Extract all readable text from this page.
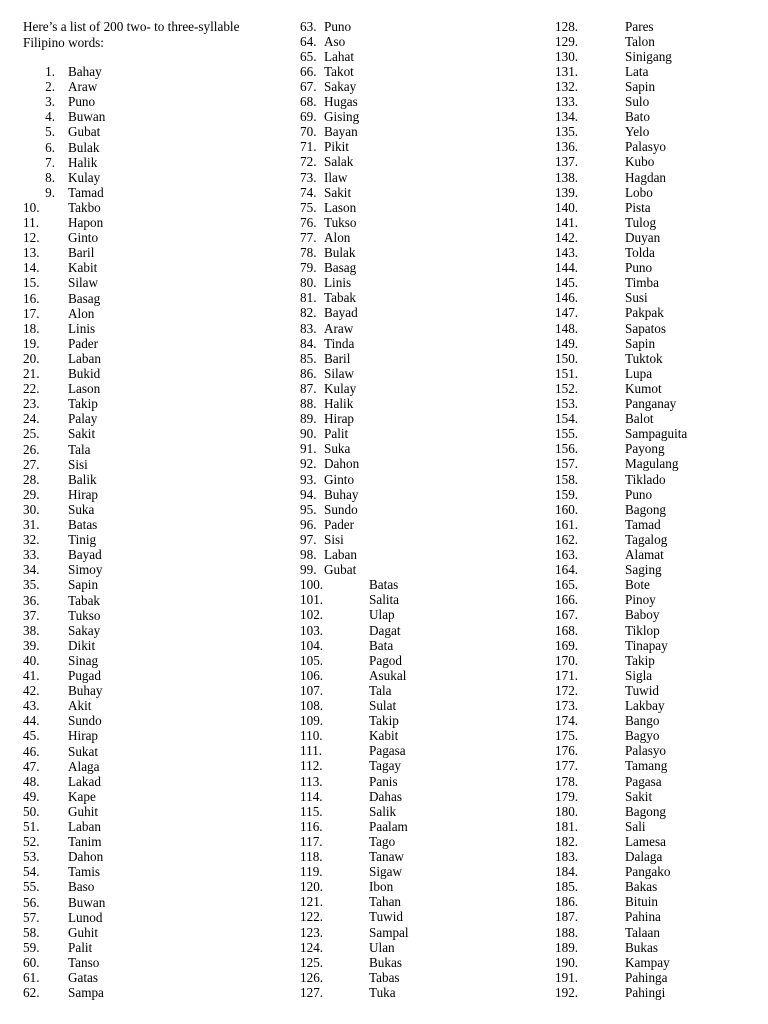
Here’s a list of 200 two- to three-syllable Filipino words:

1. Bahay
2. Araw
3. Puno
4. Buwan
5. Gubat
6. Bulak
7. Halik
8. Kulay
9. Tamad
10.	Takbo
11.	Hapon
12.	Ginto
13.	Baril
14.	Kabit
15.	Silaw
16.	Basag
17.	Alon
18.	Linis
19.	Pader
20.	Laban
21.	Bukid
22.	Lason
23.	Takip
24.	Palay
25.	Sakit
26.	Tala
27.	Sisi
28.	Balik
29.	Hirap
30.	Suka
31.	Batas
32.	Tinig
33.	Bayad
34.	Simoy
35.	Sapin
36.	Tabak
37.	Tukso
38.	Sakay
39.	Dikit
40.	Sinag
41.	Pugad
42.	Buhay
43.	Akit
44.	Sundo
45.	Hirap
46.	Sukat
47.	Alaga
48.	Lakad
49.	Kape
50.	Guhit
51.	Laban
52.	Tanim
53.	Dahon
54.	Tamis
55.	Baso
56.	Buwan
57.	Lunod
58.	Guhit
59.	Palit
60.	Tanso
61.	Gatas
62.	Sampa
63. Puno
64. Aso
65. Lahat
66. Takot
67. Sakay
68. Hugas
69. Gising
70. Bayan
71. Pikit
72. Salak
73. Ilaw
74. Sakit
75. Lason
76. Tukso
77. Alon
78. Bulak
79. Basag
80. Linis
81. Tabak
82. Bayad
83. Araw
84. Tinda
85. Baril
86. Silaw
87. Kulay
88. Halik
89. Hirap
90. Palit
91. Suka
92. Dahon
93. Ginto
94. Buhay
95. Sundo
96. Pader
97. Sisi
98. Laban
99. Gubat
100.	Batas
101.	Salita
102.	Ulap
103.	Dagat
104.	Bata
105.	Pagod
106.	Asukal
107.	Tala
108.	Sulat
109.	Takip
110.	Kabit
111.	Pagasa
112.	Tagay
113.	Panis
114.	Dahas
115.	Salik
116.	Paalam
117.	Tago
118.	Tanaw
119.	Sigaw
120.	Ibon
121.	Tahan
122.	Tuwid
123.	Sampal
124.	Ulan
125.	Bukas
126.	Tabas
127.	Tuka
128.	Pares
129.	Talon
130.	Sinigang
131.	Lata
132.	Sapin
133.	Sulo
134.	Bato
135.	Yelo
136.	Palasyo
137.	Kubo
138.	Hagdan
139.	Lobo
140.	Pista
141.	Tulog
142.	Duyan
143.	Tolda
144.	Puno
145.	Timba
146.	Susi
147.	Pakpak
148.	Sapatos
149.	Sapin
150.	Tuktok
151.	Lupa
152.	Kumot
153.	Panganay
154.	Balot
155.	Sampaguita
156.	Payong
157.	Magulang
158.	Tiklado
159.	Puno
160.	Bagong
161.	Tamad
162.	Tagalog
163.	Alamat
164.	Saging
165.	Bote
166.	Pinoy
167.	Baboy
168.	Tiklop
169.	Tinapay
170.	Takip
171.	Sigla
172.	Tuwid
173.	Lakbay
174.	Bango
175.	Bagyo
176.	Palasyo
177.	Tamang
178.	Pagasa
179.	Sakit
180.	Bagong
181.	Sali
182.	Lamesa
183.	Dalaga
184.	Pangako
185.	Bakas
186.	Bituin
187.	Pahina
188.	Talaan
189.	Bukas
190.	Kampay
191.	Pahinga
192.	Pahingi
